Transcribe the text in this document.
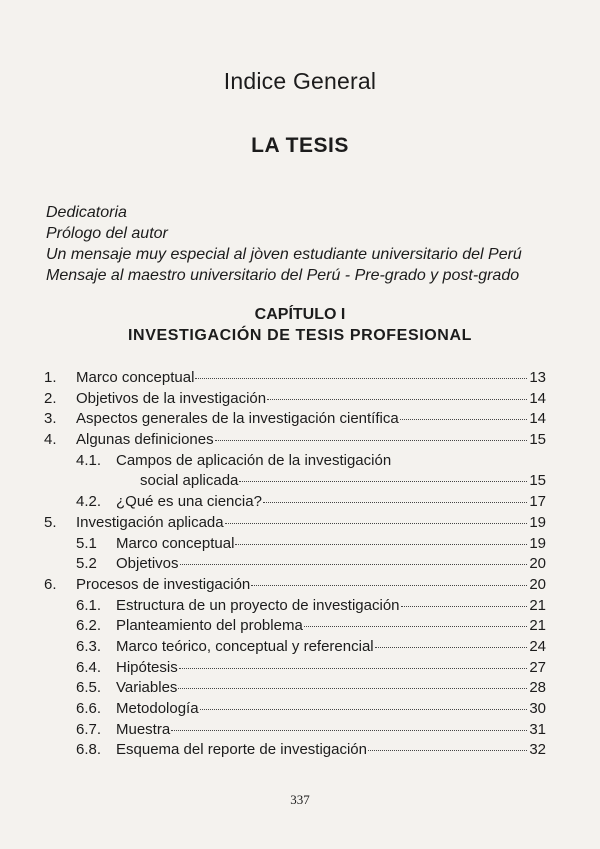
Indice General
LA TESIS
Dedicatoria
Prólogo del autor
Un mensaje muy especial al jòven estudiante universitario del Perú
Mensaje al maestro universitario del Perú - Pre-grado y post-grado
CAPÍTULO I
INVESTIGACIÓN DE TESIS PROFESIONAL
1.	Marco conceptual	13
2.	Objetivos de la investigación	14
3.	Aspectos generales de la investigación científica	14
4.	Algunas definiciones	15
4.1. Campos de aplicación de la investigación
social aplicada	15
4.2. ¿Qué es una ciencia?	17
5.	Investigación aplicada	19
5.1	Marco conceptual	19
5.2	Objetivos	20
6.	Procesos de investigación	20
6.1. Estructura de un proyecto de investigación	21
6.2. Planteamiento del problema	21
6.3. Marco teórico, conceptual y referencial	24
6.4. Hipótesis	27
6.5. Variables	28
6.6. Metodología	30
6.7. Muestra	31
6.8. Esquema del reporte de investigación	32
337
